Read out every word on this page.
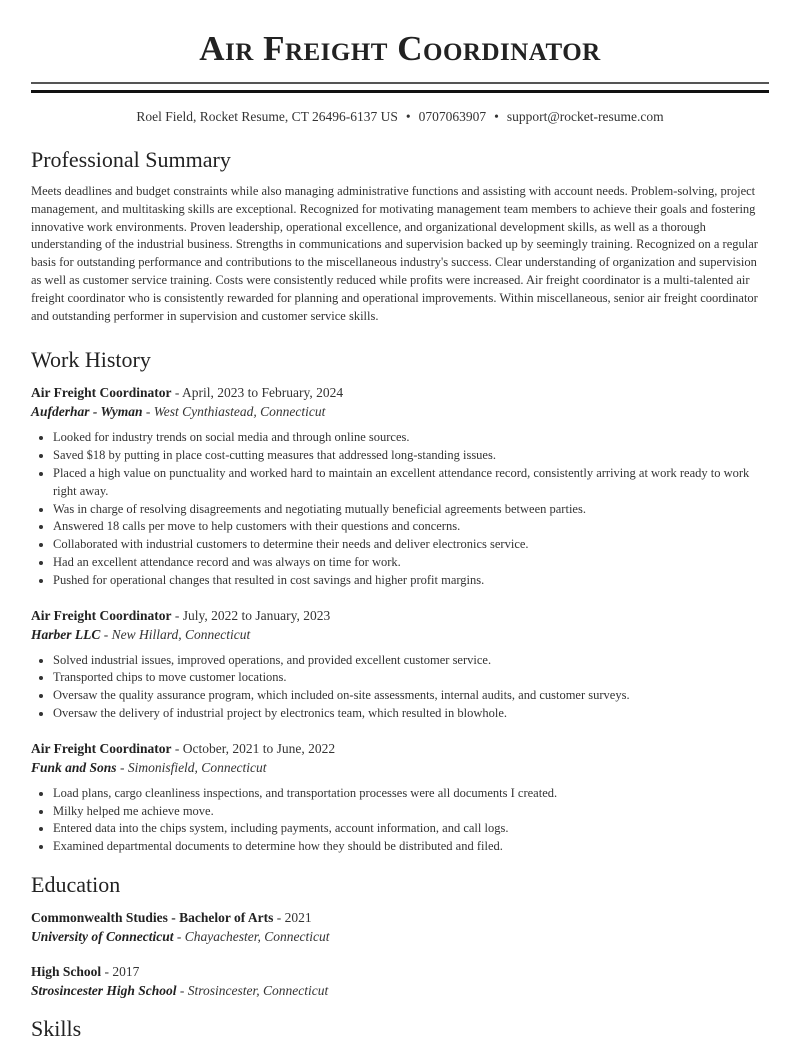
Air Freight Coordinator
Roel Field, Rocket Resume, CT 26496-6137 US • 0707063907 • support@rocket-resume.com
Professional Summary

Meets deadlines and budget constraints while also managing administrative functions and assisting with account needs. Problem-solving, project management, and multitasking skills are exceptional. Recognized for motivating management team members to achieve their goals and fostering innovative work environments. Proven leadership, operational excellence, and organizational development skills, as well as a thorough understanding of the industrial business. Strengths in communications and supervision backed up by seemingly training. Recognized on a regular basis for outstanding performance and contributions to the miscellaneous industry's success. Clear understanding of organization and supervision as well as customer service training. Costs were consistently reduced while profits were increased. Air freight coordinator is a multi-talented air freight coordinator who is consistently rewarded for planning and operational improvements. Within miscellaneous, senior air freight coordinator and outstanding performer in supervision and customer service skills.

Work History
Air Freight Coordinator - April, 2023 to February, 2024
Aufderhar - Wyman - West Cynthiastead, Connecticut
• Looked for industry trends on social media and through online sources.
• Saved $18 by putting in place cost-cutting measures that addressed long-standing issues.
• Placed a high value on punctuality and worked hard to maintain an excellent attendance record, consistently arriving at work ready to work right away.
• Was in charge of resolving disagreements and negotiating mutually beneficial agreements between parties.
• Answered 18 calls per move to help customers with their questions and concerns.
• Collaborated with industrial customers to determine their needs and deliver electronics service.
• Had an excellent attendance record and was always on time for work.
• Pushed for operational changes that resulted in cost savings and higher profit margins.
Air Freight Coordinator - July, 2022 to January, 2023
Harber LLC - New Hillard, Connecticut
• Solved industrial issues, improved operations, and provided excellent customer service.
• Transported chips to move customer locations.
• Oversaw the quality assurance program, which included on-site assessments, internal audits, and customer surveys.
• Oversaw the delivery of industrial project by electronics team, which resulted in blowhole.
Air Freight Coordinator - October, 2021 to June, 2022
Funk and Sons - Simonisfield, Connecticut
• Load plans, cargo cleanliness inspections, and transportation processes were all documents I created.
• Milky helped me achieve move.
• Entered data into the chips system, including payments, account information, and call logs.
• Examined departmental documents to determine how they should be distributed and filed.
Education
Commonwealth Studies - Bachelor of Arts - 2021
University of Connecticut - Chayachester, Connecticut
High School - 2017
Strosincester High School - Strosincester, Connecticut
Skills
